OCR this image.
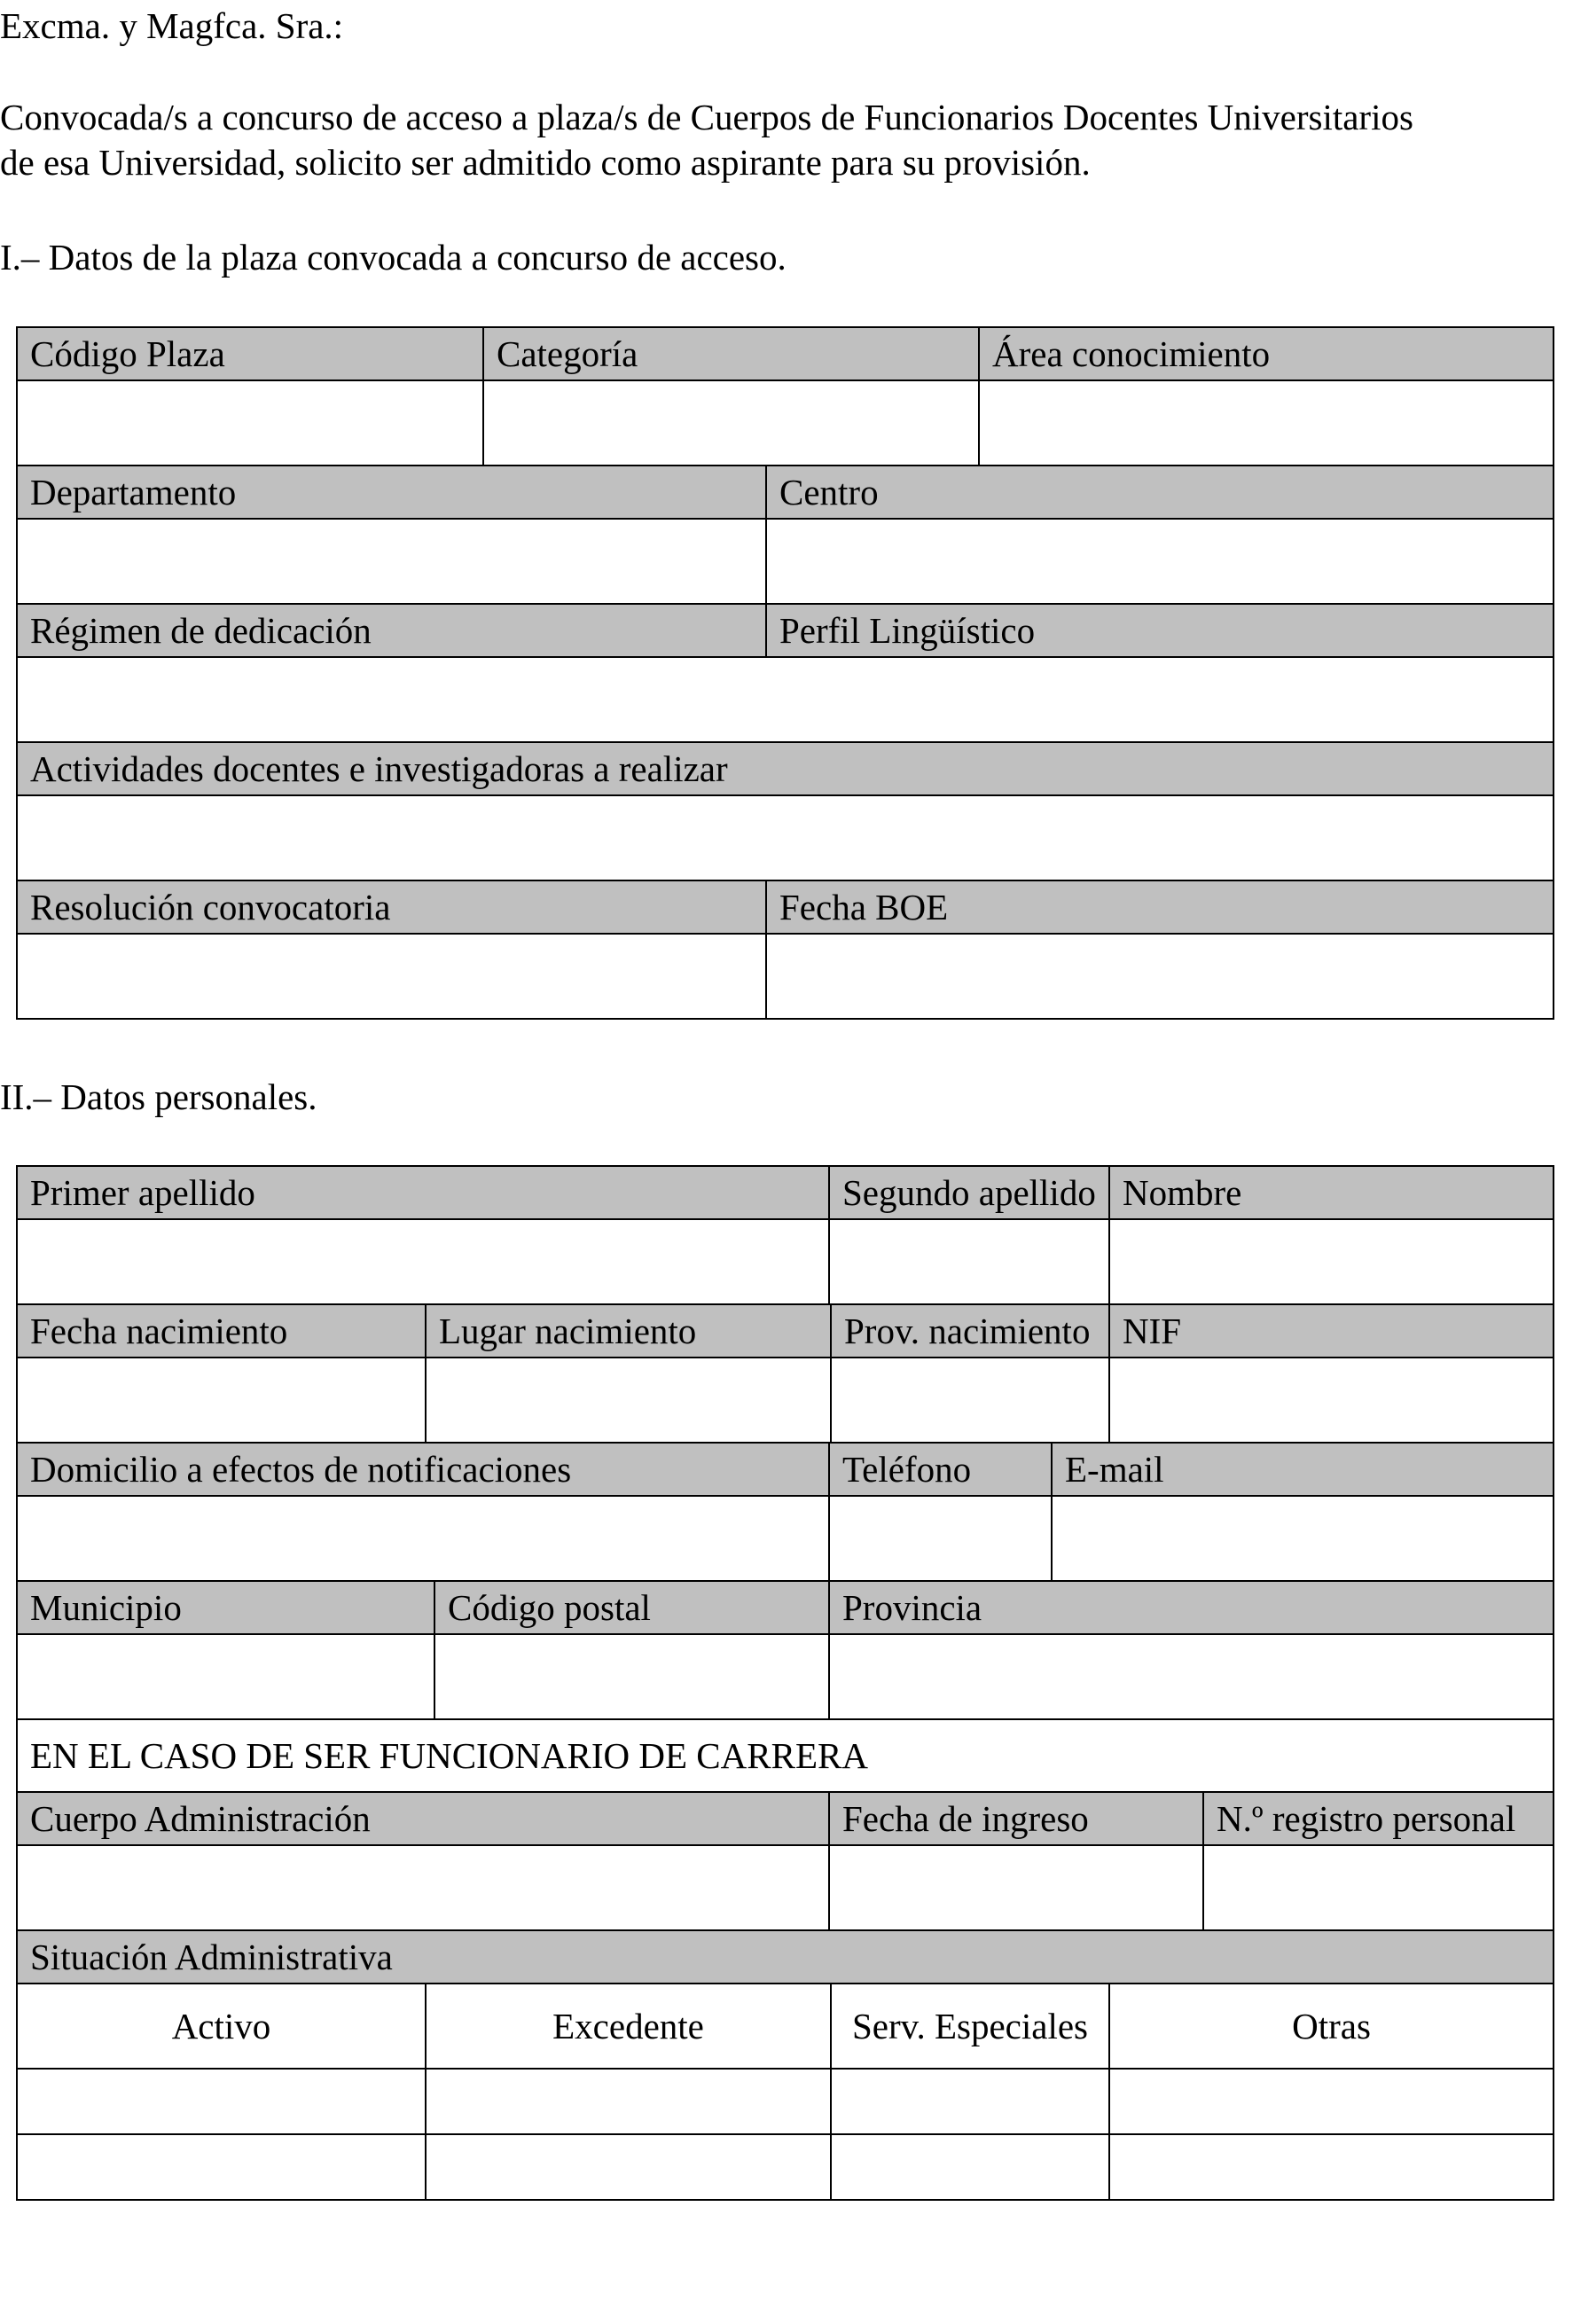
Excma. y Magfca. Sra.:
Convocada/s a concurso de acceso a plaza/s de Cuerpos de Funcionarios Docentes Universitarios
de esa Universidad, solicito ser admitido como aspirante para su provisión.
I.– Datos de la plaza convocada a concurso de acceso.
Código Plaza	Categoría		Área conocimiento

Departamento		Centro	

Régimen de dedicación		Perfil Lingüístico	

Actividades docentes e investigadoras a realizar			

Resolución convocatoria		Fecha BOE	

II.– Datos personales.
Primer apellido			Segundo apellido			Nombre	

Fecha nacimiento	Lugar nacimiento			Prov. nacimiento		NIF	

Domicilio a efectos de notificaciones			Teléfono		E-mail		

Municipio		Código postal	Provincia				

EN EL CASO DE SER FUNCIONARIO DE CARRERA							
Cuerpo Administración			Fecha de ingreso				N.º registro personal

Situación Administrativa							
Activo	Excedente			Serv. Especiales		Otras	
